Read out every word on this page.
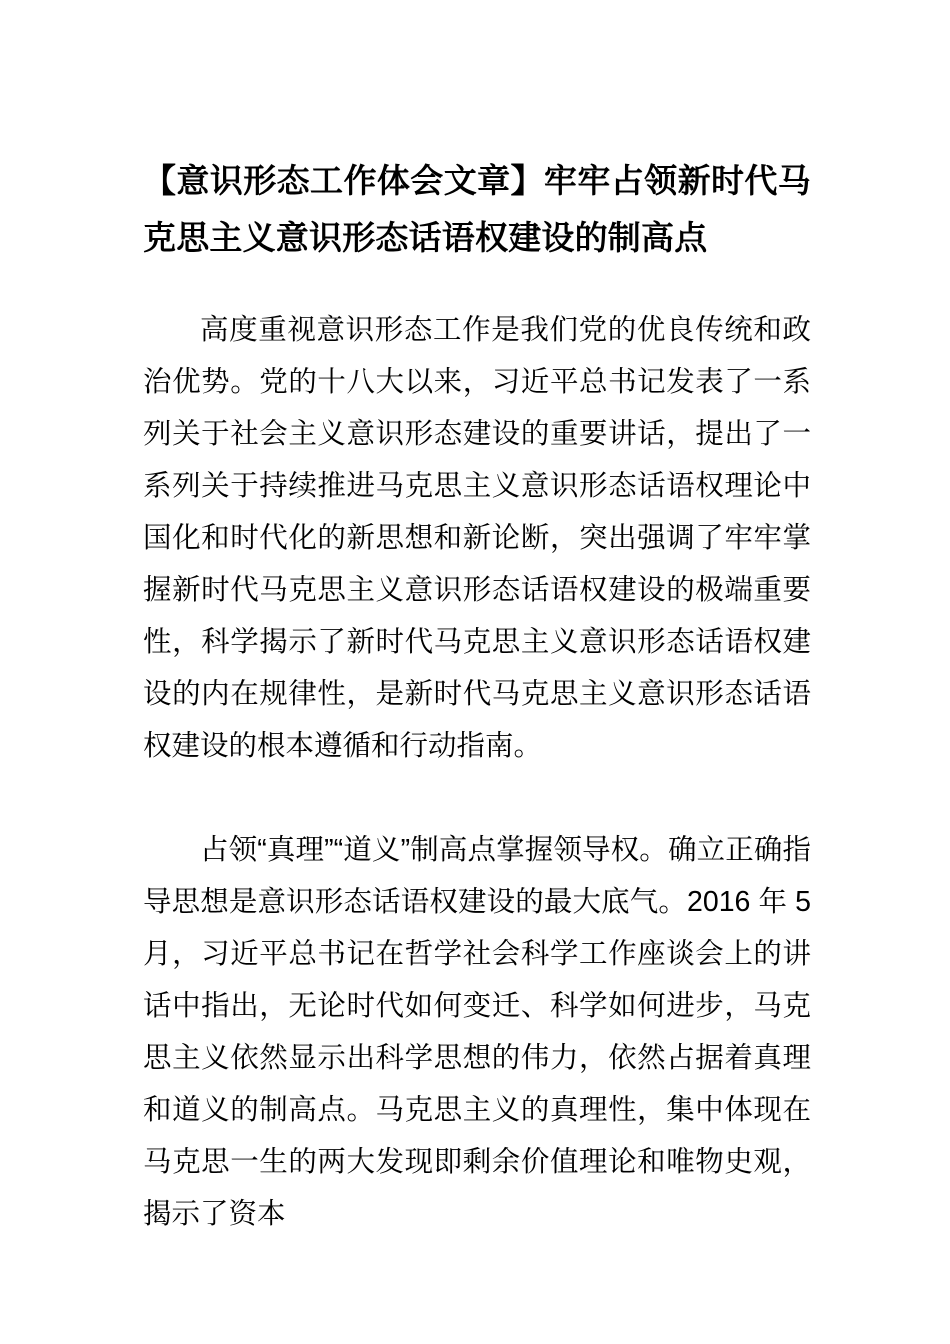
【意识形态工作体会文章】牢牢占领新时代马克思主义意识形态话语权建设的制高点

高度重视意识形态工作是我们党的优良传统和政治优势。党的十八大以来，习近平总书记发表了一系列关于社会主义意识形态建设的重要讲话，提出了一系列关于持续推进马克思主义意识形态话语权理论中国化和时代化的新思想和新论断，突出强调了牢牢掌握新时代马克思主义意识形态话语权建设的极端重要性，科学揭示了新时代马克思主义意识形态话语权建设的内在规律性，是新时代马克思主义意识形态话语权建设的根本遵循和行动指南。

占领“真理”“道义”制高点掌握领导权。确立正确指导思想是意识形态话语权建设的最大底气。2016 年 5 月，习近平总书记在哲学社会科学工作座谈会上的讲话中指出，无论时代如何变迁、科学如何进步，马克思主义依然显示出科学思想的伟力，依然占据着真理和道义的制高点。马克思主义的真理性，集中体现在马克思一生的两大发现即剩余价值理论和唯物史观，揭示了资本
